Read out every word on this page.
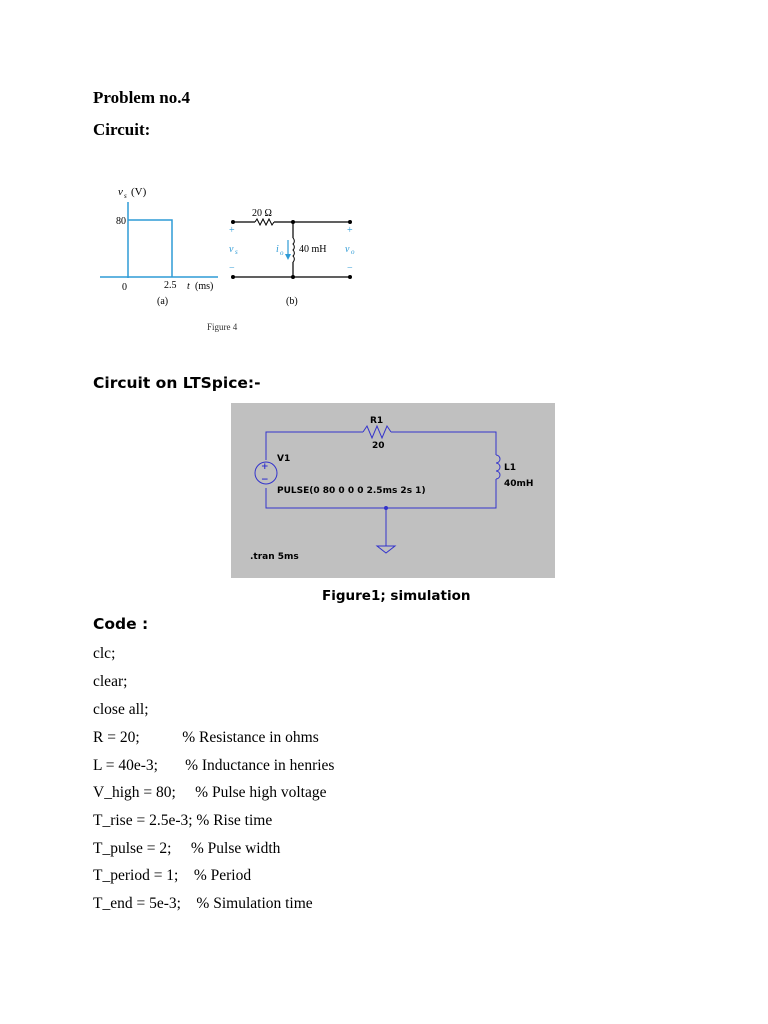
Problem no.4
Circuit:
v s (V)
80
0	2.5 t (ms)
(a)
20 Ω
40 mH
i o
+
v s
−
+
v o
−
(b)
Figure 4
Circuit on LTSpice:-
+
−
R1
20
V1
PULSE(0 80 0 0 0 2.5ms 2s 1)
L1
40mH
.tran 5ms
Figure1; simulation
Code :
clc;
clear;
close all;
R = 20;           % Resistance in ohms
L = 40e-3;       % Inductance in henries
V_high = 80;     % Pulse high voltage
T_rise = 2.5e-3; % Rise time
T_pulse = 2;     % Pulse width
T_period = 1;    % Period
T_end = 5e-3;    % Simulation time
